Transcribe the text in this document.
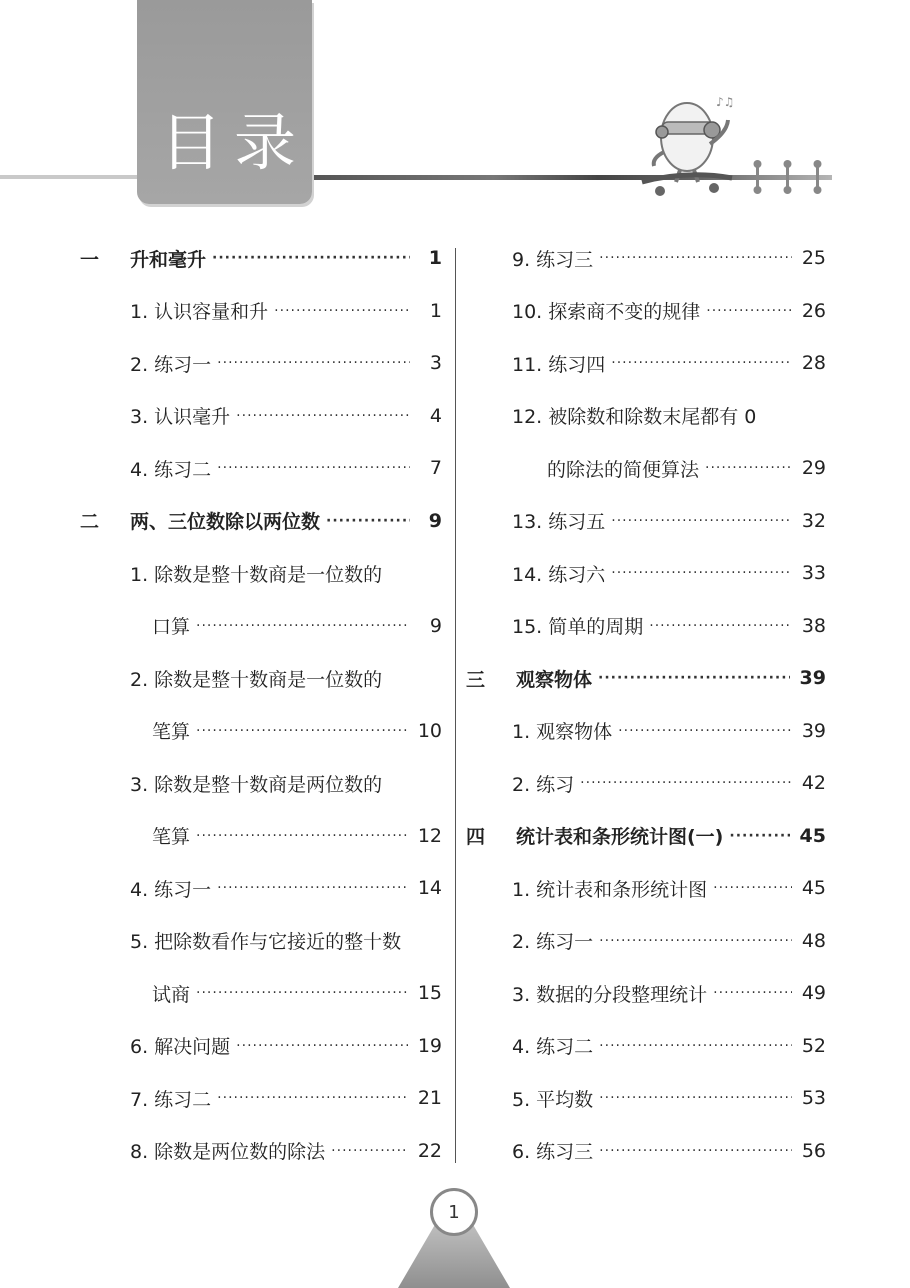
目录
♪♫
一	升和毫升 ·····	1
1. 认识容量和升 ·····	1
2. 练习一 ·····	3
3. 认识毫升 ·····	4
4. 练习二 ·····	7
二	两、三位数除以两位数 ·····	9
1. 除数是整十数商是一位数的
口算 ·····	9
2. 除数是整十数商是一位数的
笔算 ·····	10
3. 除数是整十数商是两位数的
笔算 ·····	12
4. 练习一 ·····	14
5. 把除数看作与它接近的整十数
试商 ·····	15
6. 解决问题 ·····	19
7. 练习二 ·····	21
8. 除数是两位数的除法 ·····	22
9. 练习三 ·····	25
10. 探索商不变的规律 ·····	26
11. 练习四 ·····	28
12. 被除数和除数末尾都有 0
的除法的简便算法 ·····	29
13. 练习五 ·····	32
14. 练习六 ·····	33
15. 简单的周期 ·····	38
三	观察物体 ·····	39
1. 观察物体 ·····	39
2. 练习 ·····	42
四	统计表和条形统计图(一) ·····	45
1. 统计表和条形统计图 ·····	45
2. 练习一 ·····	48
3. 数据的分段整理统计 ·····	49
4. 练习二 ·····	52
5. 平均数 ·····	53
6. 练习三 ·····	56
1
